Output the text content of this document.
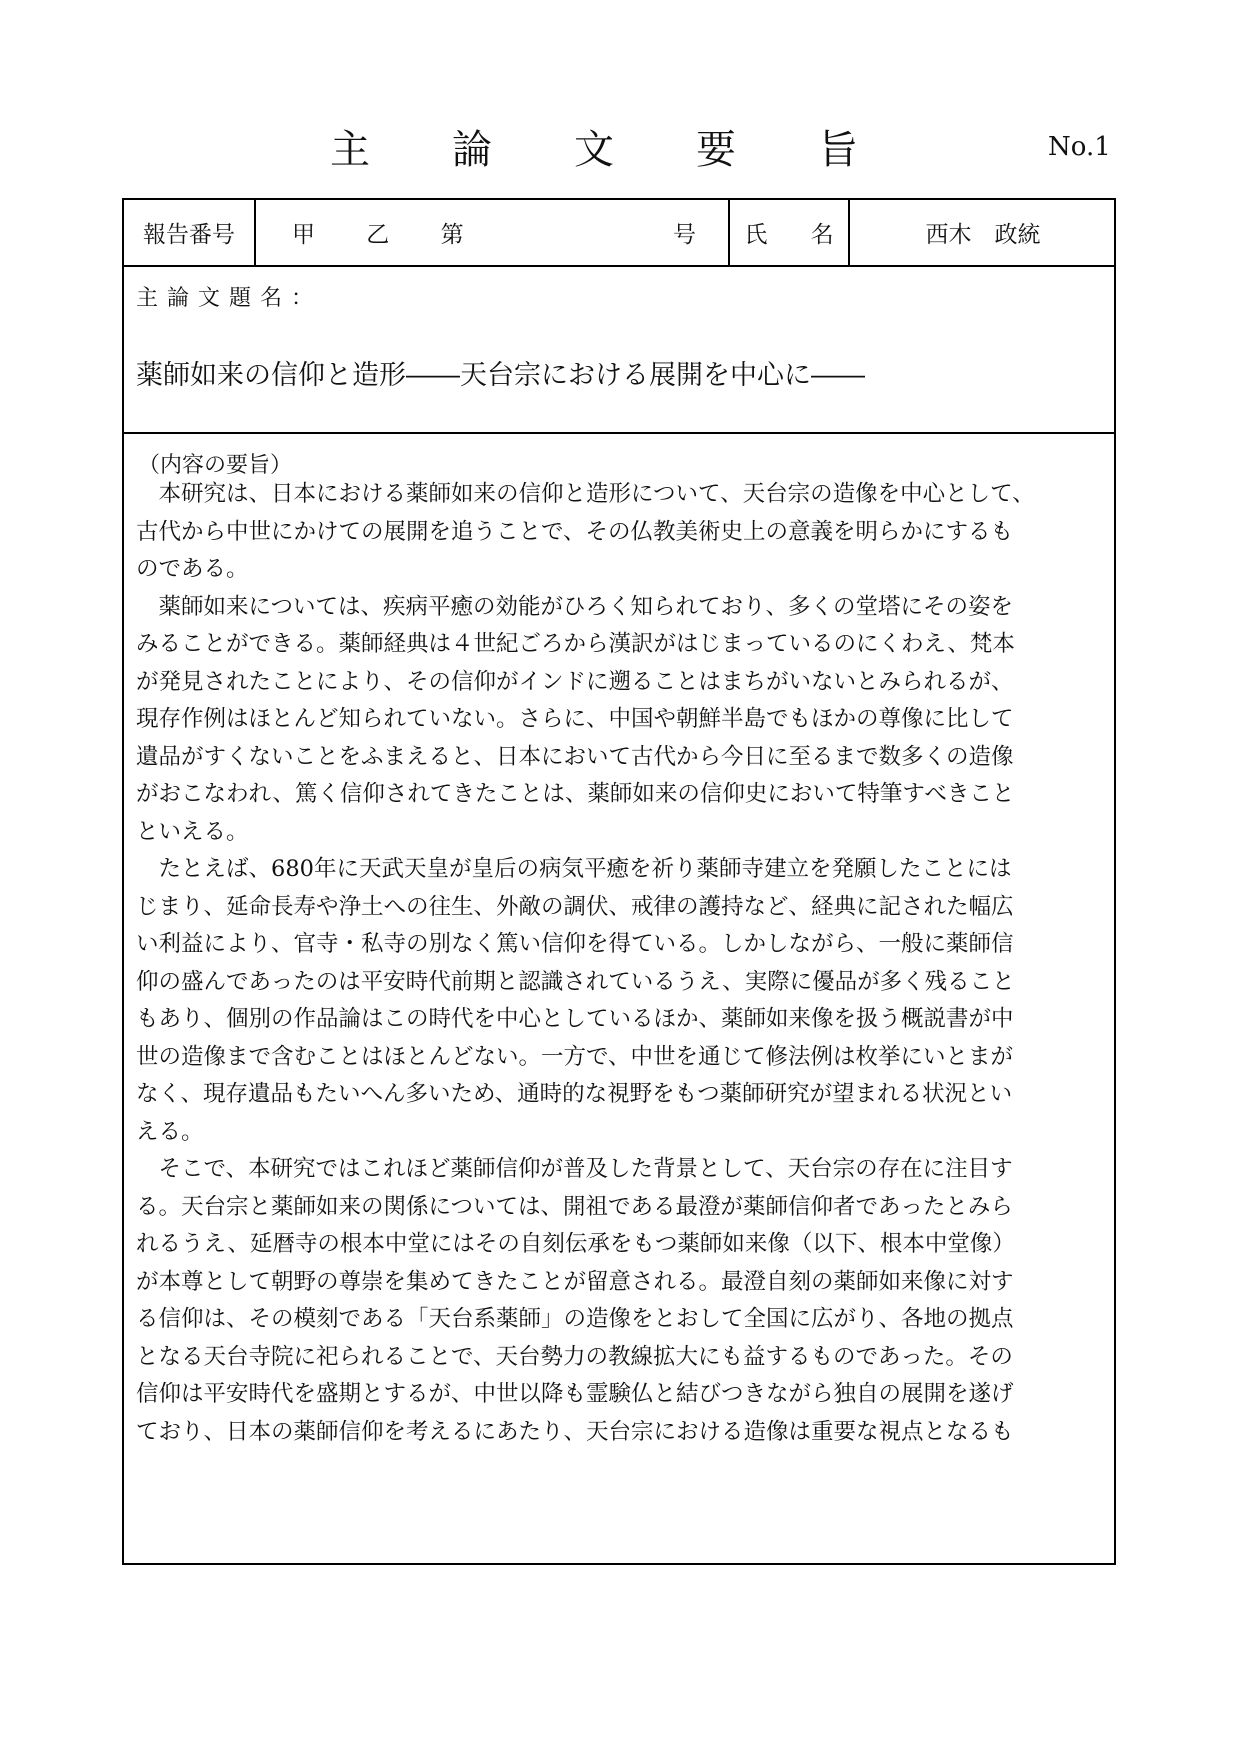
主論文要旨	No.1
報告番号	甲 乙 第	号	氏 名	西木　政統
主論文題名：
薬師如来の信仰と造形――天台宗における展開を中心に――
（内容の要旨）
　本研究は、日本における薬師如来の信仰と造形について、天台宗の造像を中心として、
古代から中世にかけての展開を追うことで、その仏教美術史上の意義を明らかにするも
のである。
　薬師如来については、疾病平癒の効能がひろく知られており、多くの堂塔にその姿を
みることができる。薬師経典は４世紀ごろから漢訳がはじまっているのにくわえ、梵本
が発見されたことにより、その信仰がインドに遡ることはまちがいないとみられるが、
現存作例はほとんど知られていない。さらに、中国や朝鮮半島でもほかの尊像に比して
遺品がすくないことをふまえると、日本において古代から今日に至るまで数多くの造像
がおこなわれ、篤く信仰されてきたことは、薬師如来の信仰史において特筆すべきこと
といえる。
　たとえば、680年に天武天皇が皇后の病気平癒を祈り薬師寺建立を発願したことには
じまり、延命長寿や浄土への往生、外敵の調伏、戒律の護持など、経典に記された幅広
い利益により、官寺・私寺の別なく篤い信仰を得ている。しかしながら、一般に薬師信
仰の盛んであったのは平安時代前期と認識されているうえ、実際に優品が多く残ること
もあり、個別の作品論はこの時代を中心としているほか、薬師如来像を扱う概説書が中
世の造像まで含むことはほとんどない。一方で、中世を通じて修法例は枚挙にいとまが
なく、現存遺品もたいへん多いため、通時的な視野をもつ薬師研究が望まれる状況とい
える。
　そこで、本研究ではこれほど薬師信仰が普及した背景として、天台宗の存在に注目す
る。天台宗と薬師如来の関係については、開祖である最澄が薬師信仰者であったとみら
れるうえ、延暦寺の根本中堂にはその自刻伝承をもつ薬師如来像（以下、根本中堂像）
が本尊として朝野の尊崇を集めてきたことが留意される。最澄自刻の薬師如来像に対す
る信仰は、その模刻である「天台系薬師」の造像をとおして全国に広がり、各地の拠点
となる天台寺院に祀られることで、天台勢力の教線拡大にも益するものであった。その
信仰は平安時代を盛期とするが、中世以降も霊験仏と結びつきながら独自の展開を遂げ
ており、日本の薬師信仰を考えるにあたり、天台宗における造像は重要な視点となるも
